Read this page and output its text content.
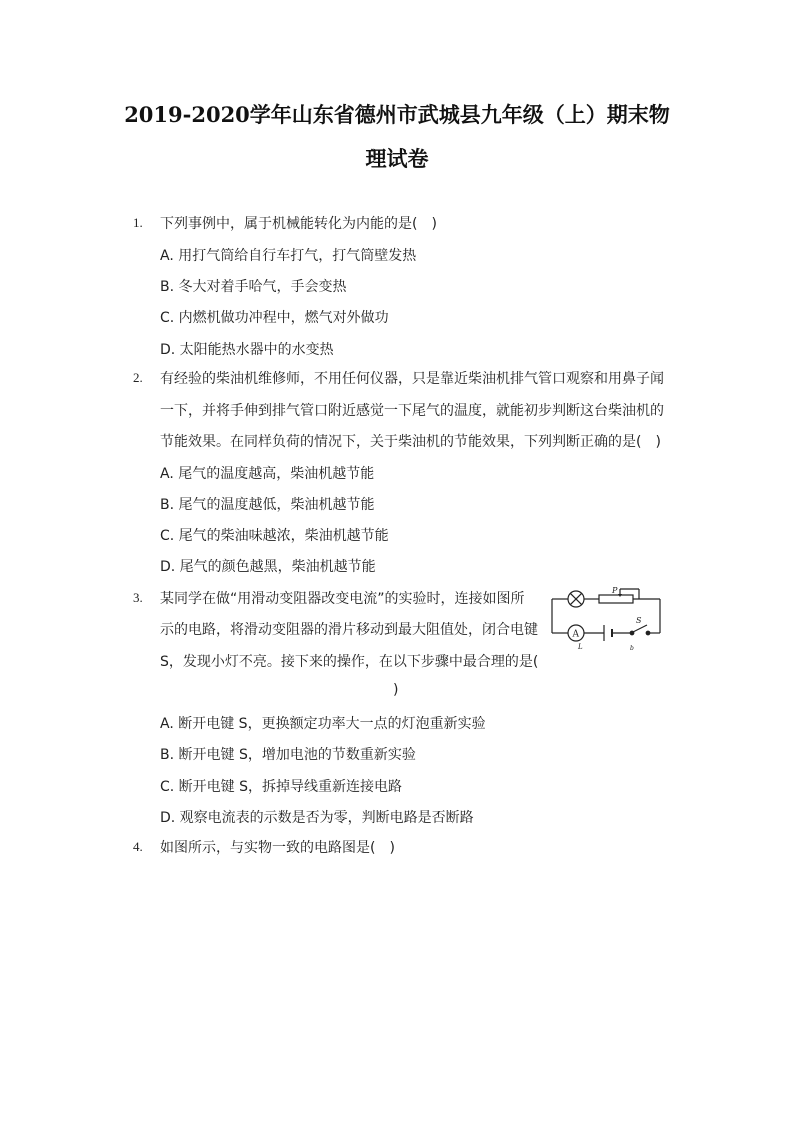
2019-2020学年山东省德州市武城县九年级（上）期末物
理试卷
1. 下列事例中，属于机械能转化为内能的是(　)
A. 用打气筒给自行车打气，打气筒壁发热
B. 冬大对着手哈气，手会变热
C. 内燃机做功冲程中，燃气对外做功
D. 太阳能热水器中的水变热
2. 有经验的柴油机维修师，不用任何仪器，只是靠近柴油机排气管口观察和用鼻子闻
一下，并将手伸到排气管口附近感觉一下尾气的温度，就能初步判断这台柴油机的
节能效果。在同样负荷的情况下，关于柴油机的节能效果，下列判断正确的是(　)
A. 尾气的温度越高，柴油机越节能
B. 尾气的温度越低，柴油机越节能
C. 尾气的柴油味越浓，柴油机越节能
D. 尾气的颜色越黑，柴油机越节能
3. 某同学在做“用滑动变阻器改变电流”的实验时，连接如图所
示的电路，将滑动变阻器的滑片移动到最大阻值处，闭合电键
S，发现小灯不亮。接下来的操作，在以下步骤中最合理的是(
)
A. 断开电键 S，更换额定功率大一点的灯泡重新实验
B. 断开电键 S，增加电池的节数重新实验
C. 断开电键 S，拆掉导线重新连接电路
D. 观察电流表的示数是否为零，判断电路是否断路
P
A
S
L	b
4. 如图所示，与实物一致的电路图是(　)
